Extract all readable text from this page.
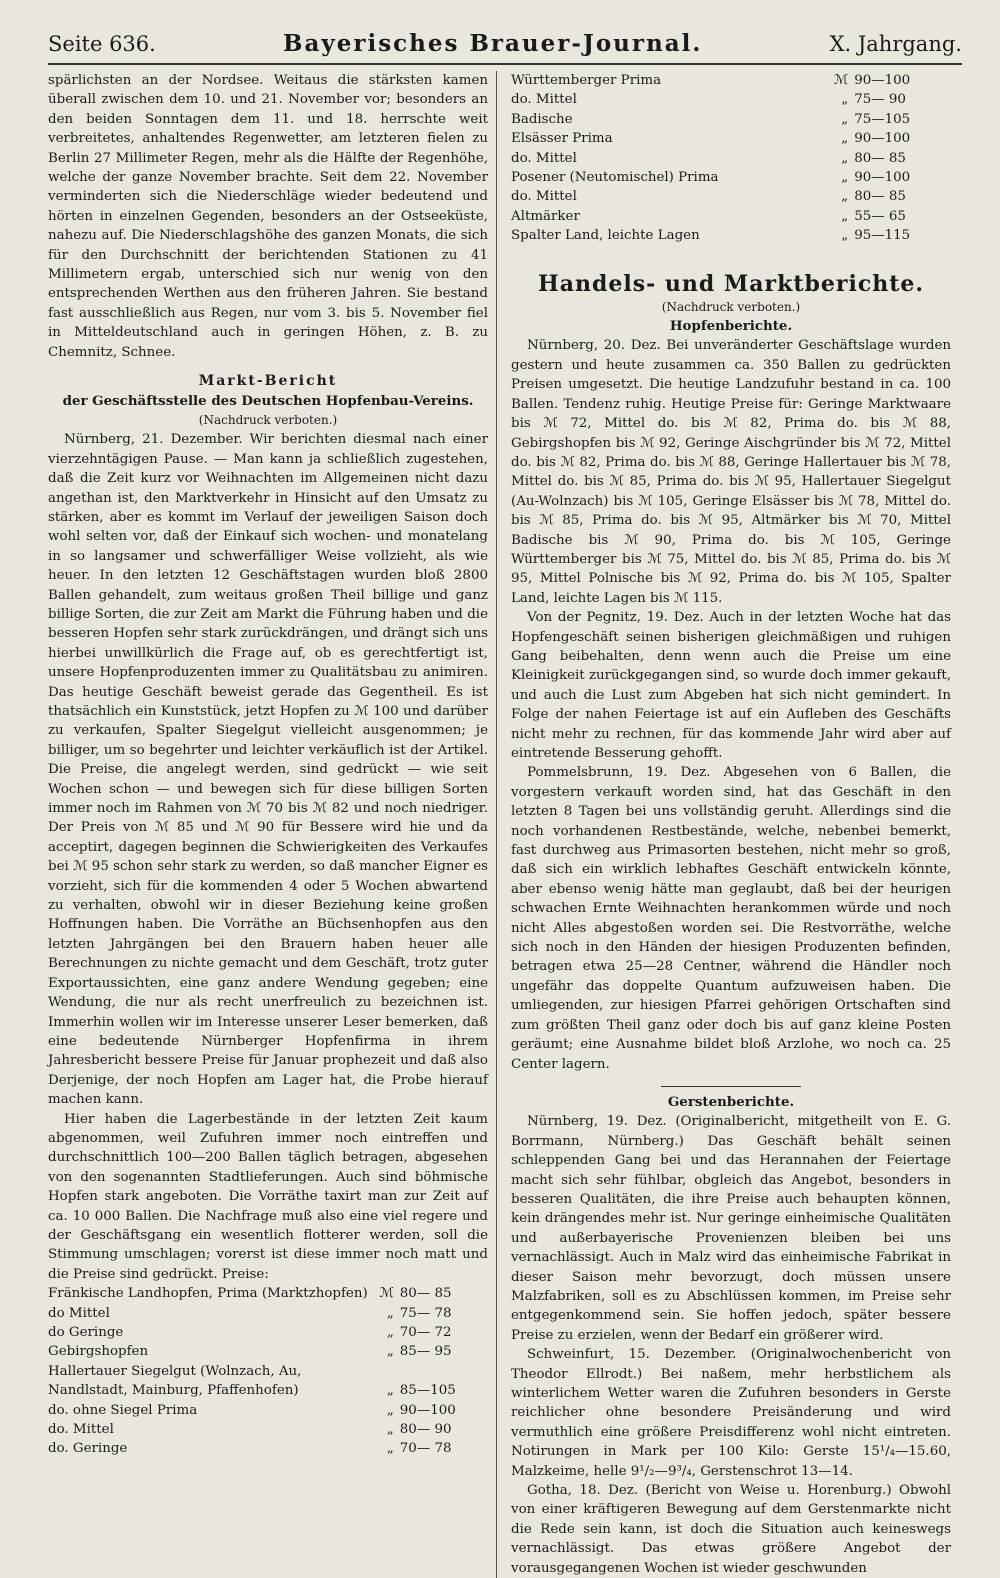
Seite 636.	Bayerisches Brauer-Journal.	X. Jahrgang.

spärlichsten an der Nordsee. Weitaus die stärksten kamen überall zwischen dem 10. und 21. November vor; besonders an den beiden Sonntagen dem 11. und 18. herrschte weit verbreitetes, anhaltendes Regenwetter, am letzteren fielen zu Berlin 27 Millimeter Regen, mehr als die Hälfte der Regenhöhe, welche der ganze November brachte. Seit dem 22. November verminderten sich die Niederschläge wieder bedeutend und hörten in einzelnen Gegenden, besonders an der Ostseeküste, nahezu auf. Die Niederschlagshöhe des ganzen Monats, die sich für den Durchschnitt der berichtenden Stationen zu 41 Millimetern ergab, unterschied sich nur wenig von den entsprechenden Werthen aus den früheren Jahren. Sie bestand fast ausschließlich aus Regen, nur vom 3. bis 5. November fiel in Mitteldeutschland auch in geringen Höhen, z. B. zu Chemnitz, Schnee.

Markt-Bericht
der Geschäftsstelle des Deutschen Hopfenbau-Vereins.
(Nachdruck verboten.)

Nürnberg, 21. Dezember. Wir berichten diesmal nach einer vierzehntägigen Pause. — Man kann ja schließlich zugestehen, daß die Zeit kurz vor Weihnachten im Allgemeinen nicht dazu angethan ist, den Marktverkehr in Hinsicht auf den Umsatz zu stärken, aber es kommt im Verlauf der jeweiligen Saison doch wohl selten vor, daß der Einkauf sich wochen- und monatelang in so langsamer und schwerfälliger Weise vollzieht, als wie heuer. In den letzten 12 Geschäftstagen wurden bloß 2800 Ballen gehandelt, zum weitaus großen Theil billige und ganz billige Sorten, die zur Zeit am Markt die Führung haben und die besseren Hopfen sehr stark zurückdrängen, und drängt sich uns hierbei unwillkürlich die Frage auf, ob es gerechtfertigt ist, unsere Hopfenproduzenten immer zu Qualitätsbau zu animiren. Das heutige Geschäft beweist gerade das Gegentheil. Es ist thatsächlich ein Kunststück, jetzt Hopfen zu ℳ 100 und darüber zu verkaufen, Spalter Siegelgut vielleicht ausgenommen; je billiger, um so begehrter und leichter verkäuflich ist der Artikel. Die Preise, die angelegt werden, sind gedrückt — wie seit Wochen schon — und bewegen sich für diese billigen Sorten immer noch im Rahmen von ℳ 70 bis ℳ 82 und noch niedriger. Der Preis von ℳ 85 und ℳ 90 für Bessere wird hie und da acceptirt, dagegen beginnen die Schwierigkeiten des Verkaufes bei ℳ 95 schon sehr stark zu werden, so daß mancher Eigner es vorzieht, sich für die kommenden 4 oder 5 Wochen abwartend zu verhalten, obwohl wir in dieser Beziehung keine großen Hoffnungen haben. Die Vorräthe an Büchsenhopfen aus den letzten Jahrgängen bei den Brauern haben heuer alle Berechnungen zu nichte gemacht und dem Geschäft, trotz guter Exportaussichten, eine ganz andere Wendung gegeben; eine Wendung, die nur als recht unerfreulich zu bezeichnen ist. Immerhin wollen wir im Interesse unserer Leser bemerken, daß eine bedeutende Nürnberger Hopfenfirma in ihrem Jahresbericht bessere Preise für Januar prophezeit und daß also Derjenige, der noch Hopfen am Lager hat, die Probe hierauf machen kann.

Hier haben die Lagerbestände in der letzten Zeit kaum abgenommen, weil Zufuhren immer noch eintreffen und durchschnittlich 100—200 Ballen täglich betragen, abgesehen von den sogenannten Stadtlieferungen. Auch sind böhmische Hopfen stark angeboten. Die Vorräthe taxirt man zur Zeit auf ca. 10 000 Ballen. Die Nachfrage muß also eine viel regere und der Geschäftsgang ein wesentlich flotterer werden, soll die Stimmung umschlagen; vorerst ist diese immer noch matt und die Preise sind gedrückt. Preise:

Fränkische Landhopfen, Prima (Marktzhopfen)	ℳ	80— 85
do Mittel	„	75— 78
do Geringe	„	70— 72
Gebirgshopfen	„	85— 95
Hallertauer Siegelgut (Wolnzach, Au,		
Nandlstadt, Mainburg, Pfaffenhofen)	„	85—105
do. ohne Siegel Prima	„	90—100
do. Mittel	„	80— 90
do. Geringe	„	70— 78
Württemberger Prima	ℳ	90—100
do. Mittel	„	75— 90
Badische	„	75—105
Elsässer Prima	„	90—100
do. Mittel	„	80— 85
Posener (Neutomischel) Prima	„	90—100
do. Mittel	„	80— 85
Altmärker	„	55— 65
Spalter Land, leichte Lagen	„	95—115
Handels- und Marktberichte.
(Nachdruck verboten.)
Hopfenberichte.

Nürnberg, 20. Dez. Bei unveränderter Geschäftslage wurden gestern und heute zusammen ca. 350 Ballen zu gedrückten Preisen umgesetzt. Die heutige Landzufuhr bestand in ca. 100 Ballen. Tendenz ruhig. Heutige Preise für: Geringe Marktwaare bis ℳ 72, Mittel do. bis ℳ 82, Prima do. bis ℳ 88, Gebirgshopfen bis ℳ 92, Geringe Aischgründer bis ℳ 72, Mittel do. bis ℳ 82, Prima do. bis ℳ 88, Geringe Hallertauer bis ℳ 78, Mittel do. bis ℳ 85, Prima do. bis ℳ 95, Hallertauer Siegelgut (Au-Wolnzach) bis ℳ 105, Geringe Elsässer bis ℳ 78, Mittel do. bis ℳ 85, Prima do. bis ℳ 95, Altmärker bis ℳ 70, Mittel Badische bis ℳ 90, Prima do. bis ℳ 105, Geringe Württemberger bis ℳ 75, Mittel do. bis ℳ 85, Prima do. bis ℳ 95, Mittel Polnische bis ℳ 92, Prima do. bis ℳ 105, Spalter Land, leichte Lagen bis ℳ 115.

Von der Pegnitz, 19. Dez. Auch in der letzten Woche hat das Hopfengeschäft seinen bisherigen gleichmäßigen und ruhigen Gang beibehalten, denn wenn auch die Preise um eine Kleinigkeit zurückgegangen sind, so wurde doch immer gekauft, und auch die Lust zum Abgeben hat sich nicht gemindert. In Folge der nahen Feiertage ist auf ein Aufleben des Geschäfts nicht mehr zu rechnen, für das kommende Jahr wird aber auf eintretende Besserung gehofft.

Pommelsbrunn, 19. Dez. Abgesehen von 6 Ballen, die vorgestern verkauft worden sind, hat das Geschäft in den letzten 8 Tagen bei uns vollständig geruht. Allerdings sind die noch vorhandenen Restbestände, welche, nebenbei bemerkt, fast durchweg aus Primasorten bestehen, nicht mehr so groß, daß sich ein wirklich lebhaftes Geschäft entwickeln könnte, aber ebenso wenig hätte man geglaubt, daß bei der heurigen schwachen Ernte Weihnachten herankommen würde und noch nicht Alles abgestoßen worden sei. Die Restvorräthe, welche sich noch in den Händen der hiesigen Produzenten befinden, betragen etwa 25—28 Centner, während die Händler noch ungefähr das doppelte Quantum aufzuweisen haben. Die umliegenden, zur hiesigen Pfarrei gehörigen Ortschaften sind zum größten Theil ganz oder doch bis auf ganz kleine Posten geräumt; eine Ausnahme bildet bloß Arzlohe, wo noch ca. 25 Center lagern.

Gerstenberichte.

Nürnberg, 19. Dez. (Originalbericht, mitgetheilt von E. G. Borrmann, Nürnberg.) Das Geschäft behält seinen schleppenden Gang bei und das Herannahen der Feiertage macht sich sehr fühlbar, obgleich das Angebot, besonders in besseren Qualitäten, die ihre Preise auch behaupten können, kein drängendes mehr ist. Nur geringe einheimische Qualitäten und außerbayerische Provenienzen bleiben bei uns vernachlässigt. Auch in Malz wird das einheimische Fabrikat in dieser Saison mehr bevorzugt, doch müssen unsere Malzfabriken, soll es zu Abschlüssen kommen, im Preise sehr entgegenkommend sein. Sie hoffen jedoch, später bessere Preise zu erzielen, wenn der Bedarf ein größerer wird.

Schweinfurt, 15. Dezember. (Originalwochenbericht von Theodor Ellrodt.) Bei naßem, mehr herbstlichem als winterlichem Wetter waren die Zufuhren besonders in Gerste reichlicher ohne besondere Preisänderung und wird vermuthlich eine größere Preisdifferenz wohl nicht eintreten. Notirungen in Mark per 100 Kilo: Gerste 15¹/₄—15.60, Malzkeime, helle 9¹/₂—9³/₄, Gerstenschrot 13—14.

Gotha, 18. Dez. (Bericht von Weise u. Horenburg.) Obwohl von einer kräftigeren Bewegung auf dem Gerstenmarkte nicht die Rede sein kann, ist doch die Situation auch keineswegs vernachlässigt. Das etwas größere Angebot der vorausgegangenen Wochen ist wieder geschwunden
